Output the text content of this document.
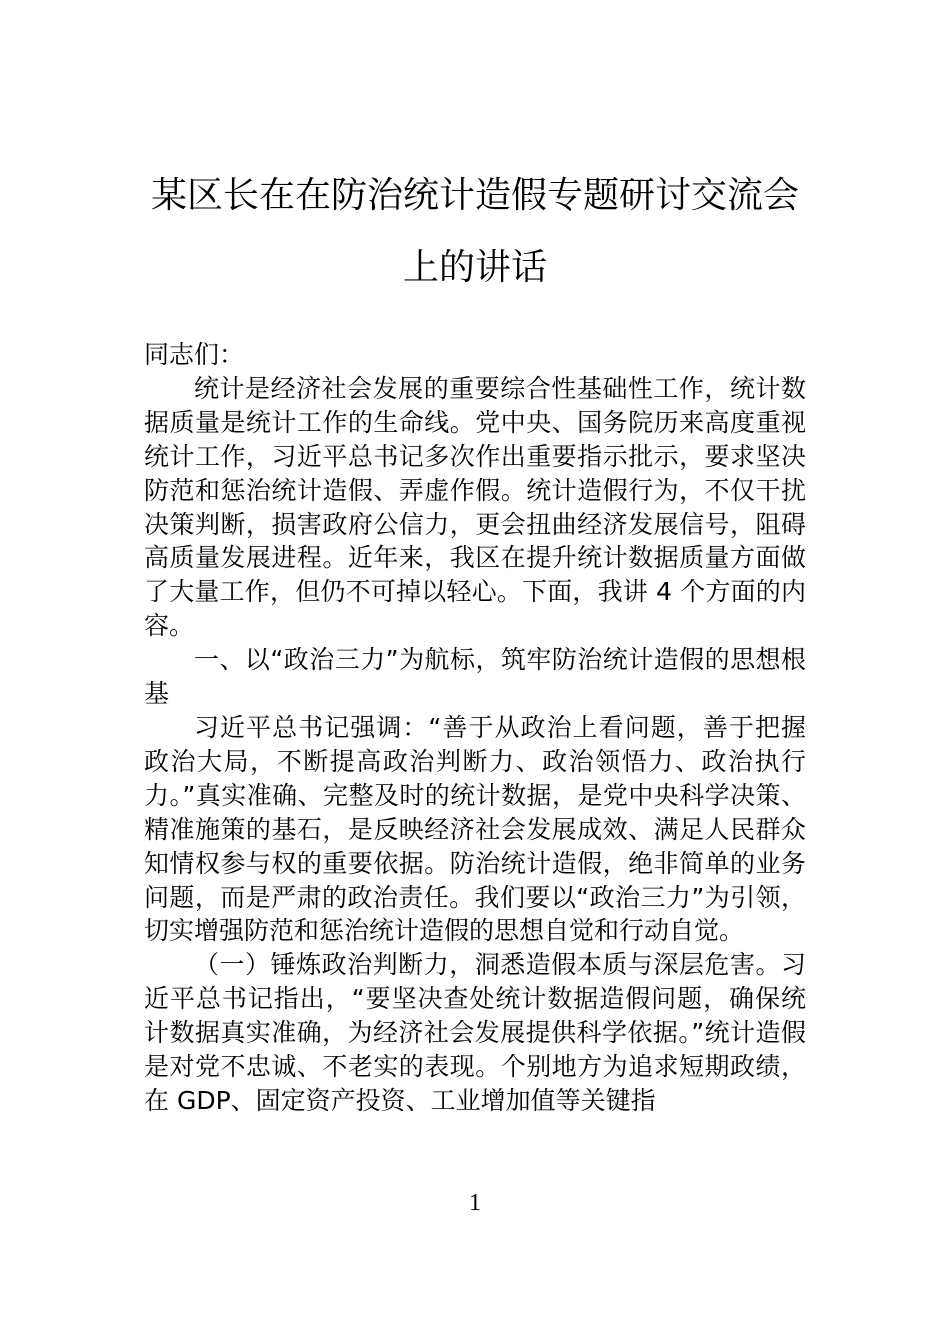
某区长在在防治统计造假专题研讨交流会
上的讲话

同志们：

统计是经济社会发展的重要综合性基础性工作，统计数据质量是统计工作的生命线。党中央、国务院历来高度重视统计工作，习近平总书记多次作出重要指示批示，要求坚决防范和惩治统计造假、弄虚作假。统计造假行为，不仅干扰决策判断，损害政府公信力，更会扭曲经济发展信号，阻碍高质量发展进程。近年来，我区在提升统计数据质量方面做了大量工作，但仍不可掉以轻心。下面，我讲 4 个方面的内容。

一、以“政治三力”为航标，筑牢防治统计造假的思想根基

习近平总书记强调：“善于从政治上看问题，善于把握政治大局，不断提高政治判断力、政治领悟力、政治执行力。”真实准确、完整及时的统计数据，是党中央科学决策、精准施策的基石，是反映经济社会发展成效、满足人民群众知情权参与权的重要依据。防治统计造假，绝非简单的业务问题，而是严肃的政治责任。我们要以“政治三力”为引领，切实增强防范和惩治统计造假的思想自觉和行动自觉。

（一）锤炼政治判断力，洞悉造假本质与深层危害。习近平总书记指出，“要坚决查处统计数据造假问题，确保统计数据真实准确，为经济社会发展提供科学依据。”统计造假是对党不忠诚、不老实的表现。个别地方为追求短期政绩，在 GDP、固定资产投资、工业增加值等关键指

1
